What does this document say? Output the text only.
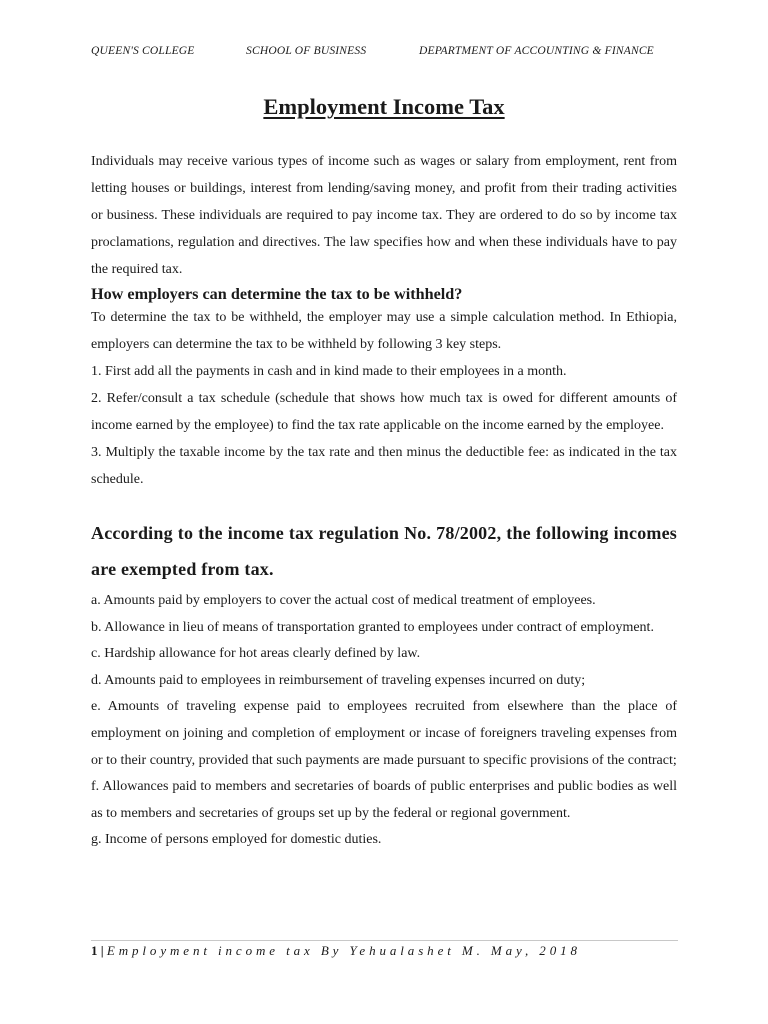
QUEEN'S COLLEGE	SCHOOL OF BUSINESS	DEPARTMENT OF ACCOUNTING & FINANCE
Employment Income Tax

Individuals may receive various types of income such as wages or salary from employment, rent from letting houses or buildings, interest from lending/saving money, and profit from their trading activities or business. These individuals are required to pay income tax. They are ordered to do so by income tax proclamations, regulation and directives. The law specifies how and when these individuals have to pay the required tax.

How employers can determine the tax to be withheld?

To determine the tax to be withheld, the employer may use a simple calculation method. In Ethiopia, employers can determine the tax to be withheld by following 3 key steps.

1. First add all the payments in cash and in kind made to their employees in a month.

2. Refer/consult a tax schedule (schedule that shows how much tax is owed for different amounts of income earned by the employee) to find the tax rate applicable on the income earned by the employee.

3. Multiply the taxable income by the tax rate and then minus the deductible fee: as indicated in the tax schedule.

According to the income tax regulation No. 78/2002, the following incomes are exempted from tax.

a. Amounts paid by employers to cover the actual cost of medical treatment of employees.

b. Allowance in lieu of means of transportation granted to employees under contract of employment.

c. Hardship allowance for hot areas clearly defined by law.

d. Amounts paid to employees in reimbursement of traveling expenses incurred on duty;

e. Amounts of traveling expense paid to employees recruited from elsewhere than the place of employment on joining and completion of employment or incase of foreigners traveling expenses from or to their country, provided that such payments are made pursuant to specific provisions of the contract;

f. Allowances paid to members and secretaries of boards of public enterprises and public bodies as well as to members and secretaries of groups set up by the federal or regional government.

g. Income of persons employed for domestic duties.

1 | Employment income tax By Yehualashet M. May, 2018
